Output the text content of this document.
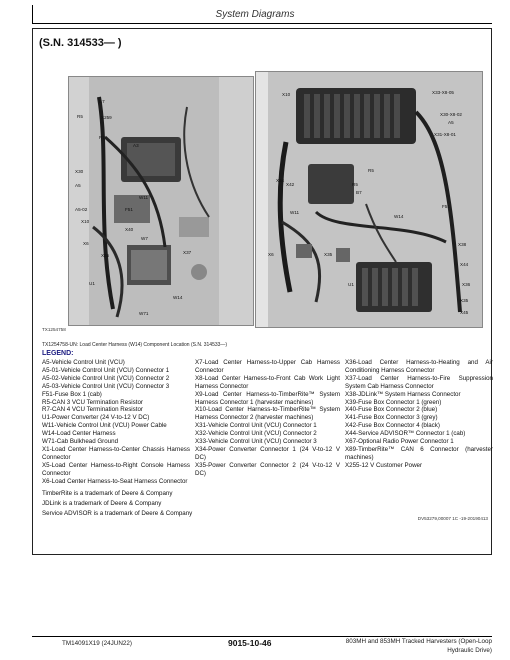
System Diagrams
(S.N. 314533— )
B7
R5	X259
R7
A3
X30
A5
W11
A5-02	F51
X10
X40
W7
X6
X45
X37
U1
W14
W71
X10	X33-X8-05
X30-X8-02
A5
X31-X8-01
R5
X44
X42
B7
W11
W14
F51
R5
X6	X35
X38
X44
U1	X36
X35
X45
TX1254758
TX1254758-UN: Load Center Harness (W14) Component Location (S.N. 314533—)
LEGEND:
A5-Vehicle Control Unit (VCU)
A5-01-Vehicle Control Unit (VCU) Connector 1
A5-02-Vehicle Control Unit (VCU) Connector 2
A5-03-Vehicle Control Unit (VCU) Connector 3
F51-Fuse Box 1 (cab)
R5-CAN 3 VCU Termination Resistor
R7-CAN 4 VCU Termination Resistor
U1-Power Converter (24 V-to-12 V DC)
W11-Vehicle Control Unit (VCU) Power Cable
W14-Load Center Harness
W71-Cab Bulkhead Ground
X1-Load Center Harness-to-Center Chassis Harness Connector
X5-Load Center Harness-to-Right Console Harness Connector
X6-Load Center Harness-to-Seat Harness Connector
X7-Load Center Harness-to-Upper Cab Harness Connector
X8-Load Center Harness-to-Front Cab Work Light Harness Connector
X9-Load Center Harness-to-TimberRite™ System Harness Connector 1 (harvester machines)
X10-Load Center Harness-to-TimberRite™ System Harness Connector 2 (harvester machines)
X31-Vehicle Control Unit (VCU) Connector 1
X32-Vehicle Control Unit (VCU) Connector 2
X33-Vehicle Control Unit (VCU) Connector 3
X34-Power Converter Connector 1 (24 V-to-12 V DC)
X35-Power Converter Connector 2 (24 V-to-12 V DC)
X36-Load Center Harness-to-Heating and Air Conditioning Harness Connector
X37-Load Center Harness-to-Fire Suppression System Cab Harness Connector
X38-JDLink™ System Harness Connector
X39-Fuse Box Connector 1 (green)
X40-Fuse Box Connector 2 (blue)
X41-Fuse Box Connector 3 (grey)
X42-Fuse Box Connector 4 (black)
X44-Service ADVISOR™ Connector 1 (cab)
X67-Optional Radio Power Connector 1
X89-TimberRite™ CAN 6 Connector (harvester machines)
X255-12 V Customer Power
TimberRite is a trademark of Deere & Company
JDLink is a trademark of Deere & Company
Service ADVISOR is a trademark of Deere & Company
DV53279,00007 1C -19-20190413
TM14091X19 (24JUN22)	9015-10-46	803MH and 853MH Tracked Harvesters (Open-Loop
Hydraulic Drive)
